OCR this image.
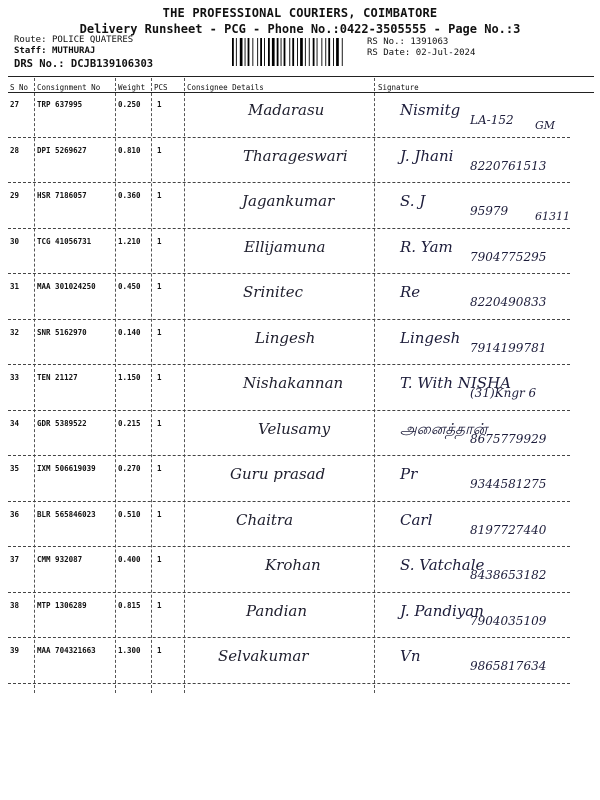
THE PROFESSIONAL COURIERS, COIMBATORE
Delivery Runsheet - PCG - Phone No.:0422-3505555 - Page No.:3
Route: POLICE QUATERES
Staff: MUTHURAJ
DRS No.: DCJB139106303
RS No.: 1391063
RS Date: 02-Jul-2024
S No Consignment No Weight PCS	Consignee Details	Signature
27 TRP 637995	0.250 1	Madarasu	Nismitg
LA-152 GM
28 DPI 5269627	0.810 1	Tharageswari	J. Jhani
8220761513
29 HSR 7186057	0.360 1	Jagankumar	S. J
95979 61311
30 TCG 41056731	1.210 1	Ellijamuna	R. Yam
7904775295
31 MAA 301024250	0.450 1	Srinitec	Re
8220490833
32 SNR 5162970	0.140 1	Lingesh	Lingesh
7914199781
33 TEN 21127	1.150 1	Nishakannan	T. With NISHA
(31)Kngr 6
34 GDR 5389522	0.215 1	Velusamy	அனைத்தான்
8675779929
35 IXM 506619039	0.270 1	Guru prasad	Pr
9344581275
36 BLR 565846023	0.510 1	Chaitra	Carl
8197727440
37 CMM 932087	0.400 1	Krohan	S. Vatchale
8438653182
38 MTP 1306289	0.815 1	Pandian	J. Pandiyan
7904035109
39 MAA 704321663	1.300 1	Selvakumar	Vn
9865817634
